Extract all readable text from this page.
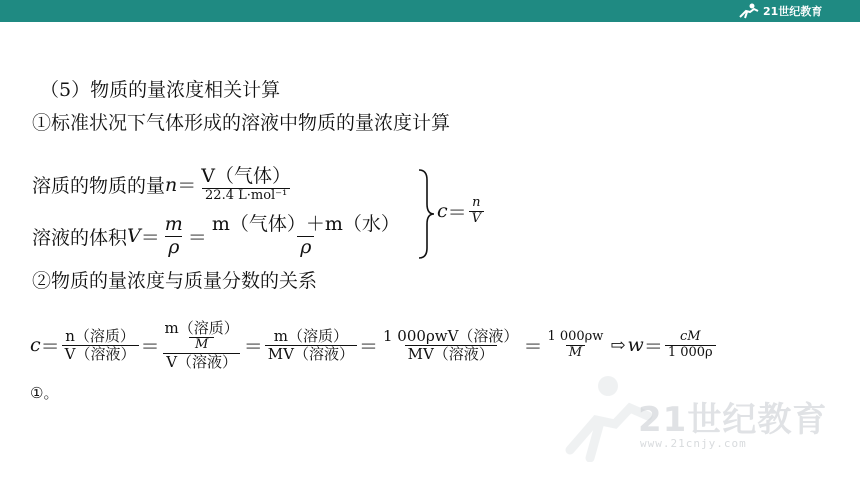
21世纪教育
21世纪教育
www.21cnjy.com
（5）物质的量浓度相关计算
①标准状况下气体形成的溶液中物质的量浓度计算
溶质的物质的量 $n = \frac{\text{V（气体）}}{\text{22.4 L·mol⁻¹}}$
溶液的体积 $V = \frac{m}{\rho} = \frac{\text{m（气体）＋m（水）}}{\rho}$
$c = \frac{n}{V}$
②物质的量浓度与质量分数的关系
$c = \frac{\text{n（溶质）}}{\text{V（溶液）}} = m$（溶质）
M
V（溶液） ＝ $\frac{\text{m（溶质）}}{\text{MV（溶液）}} = \frac{\text{1 000ρwV（溶液）}}{\text{MV（溶液）}} = \frac{1 000\rho w}{M}$ ⇨ $w = \frac{cM}{1 000\rho}$
①。
